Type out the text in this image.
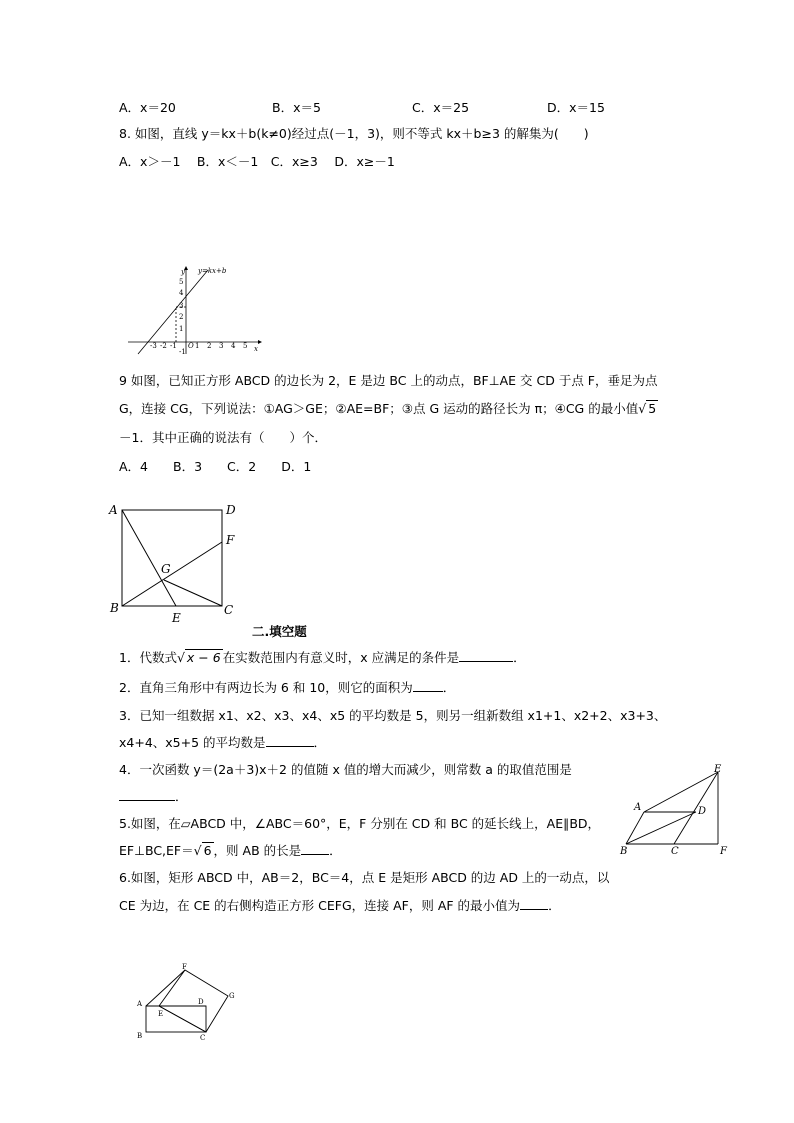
A．x＝20	B．x＝5	C．x＝25	D．x＝15
8. 如图，直线 y＝kx＋b(k≠0)经过点(－1，3)，则不等式 kx＋b≥3 的解集为(　　)
A．x＞－1　 B．x＜－1　C．x≥3　 D．x≥－1
y
x
y=kx+b
O
5
4
3
2
1
-1
-3 -2 -1	1 2 3 4 5
9 如图，已知正方形 ABCD 的边长为 2，E 是边 BC 上的动点，BF⊥AE 交 CD 于点 F，垂足为点
G，连接 CG，下列说法：①AG＞GE；②AE=BF；③点 G 运动的路径长为 π；④CG 的最小值√ 5
－1．其中正确的说法有（　　）个．
A．4　　B．3　　C．2　　D．1
A	D
F
G
B	C
E
二.填空题
1．代数式√ x − 6 在实数范围内有意义时，x 应满足的条件是	．
2．直角三角形中有两边长为 6 和 10，则它的面积为 ．
3．已知一组数据 x1、x2、x3、x4、x5 的平均数是 5，则另一组新数组 x1+1、x2+2、x3+3、
x4+4、x5+5 的平均数是	．
4．一次函数 y＝(2a＋3)x＋2 的值随 x 值的增大而减少，则常数 a 的取值范围是
．
5.如图，在▱ABCD 中，∠ABC＝60°，E，F 分别在 CD 和 BC 的延长线上，AE∥BD，
EF⊥BC,EF＝√ 6 ，则 AB 的长是 ．
A
B	C
D
E
F
6.如图，矩形 ABCD 中，AB＝2，BC＝4，点 E 是矩形 ABCD 的边 AD 上的一动点，以
CE 为边，在 CE 的右侧构造正方形 CEFG，连接 AF，则 AF 的最小值为 ．
A
B	C
D
E
F
G
